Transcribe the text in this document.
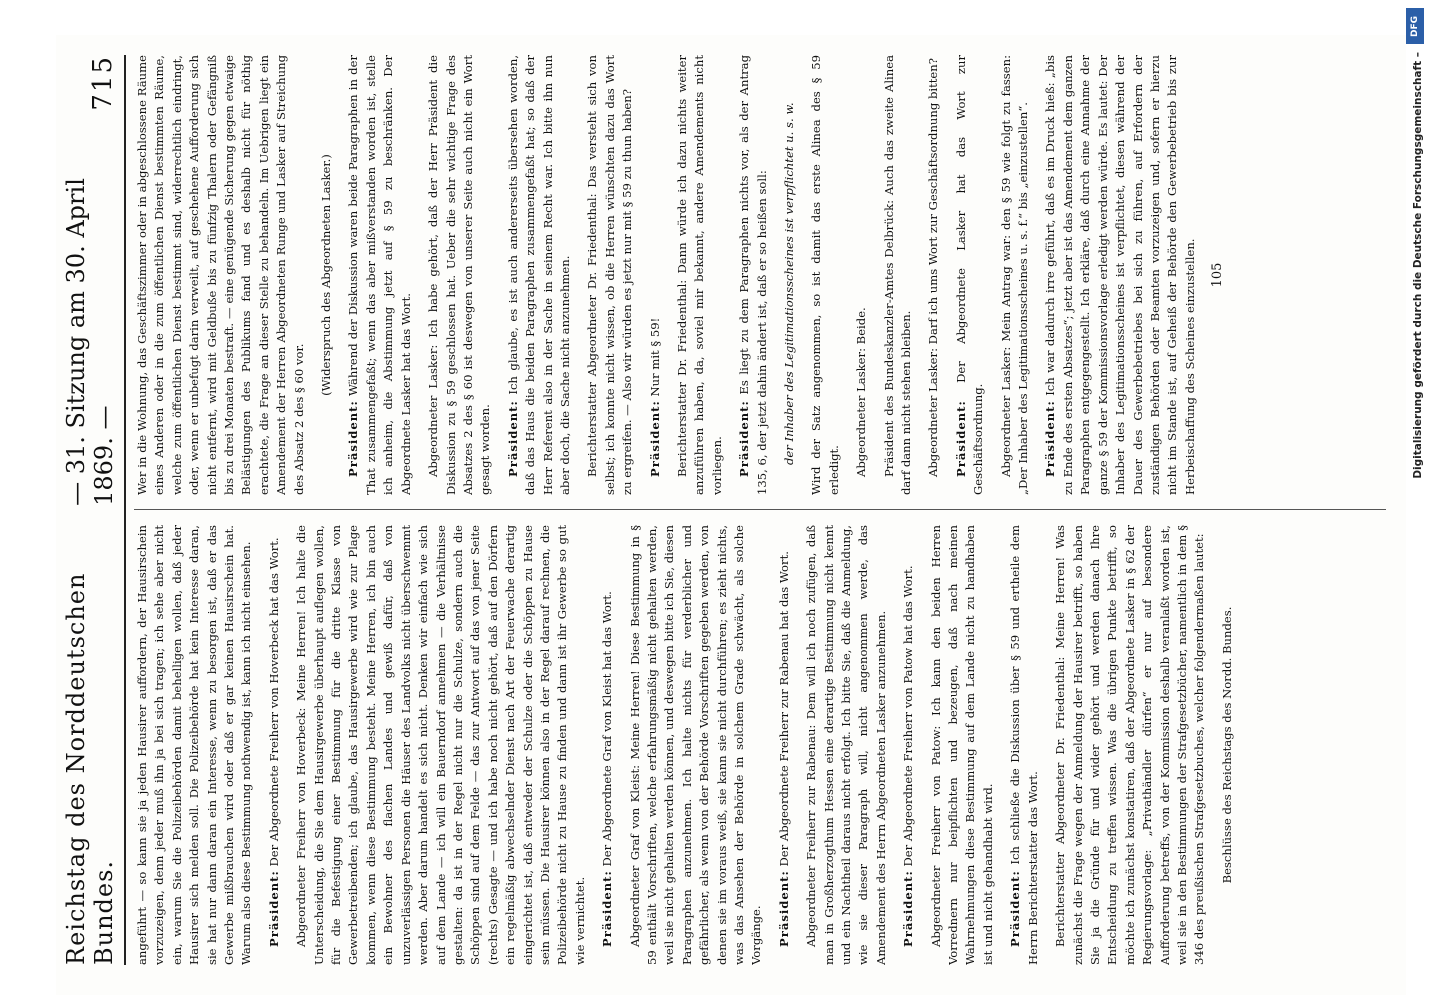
Reichstag des Norddeutschen Bundes.
— 31. Sitzung am 30. April 1869. —
715

angeführt — so kann sie ja jeden Hausirer auffordern, der Hausirschein vorzuzeigen, denn jeder muß ihn ja bei sich tragen; ich sehe aber nicht ein, warum Sie die Polizeibehörden damit behelligen wollen, daß jeder Hausirer sich melden soll. Die Polizeibehörde hat kein Interesse daran, sie hat nur dann daran ein Interesse, wenn zu besorgen ist, daß er das Gewerbe mißbrauchen wird oder daß er gar keinen Hausirschein hat. Warum also diese Bestimmung nothwendig ist, kann ich nicht einsehen. Präsident: Der Abgeordnete Freiherr von Hoverbeck hat das Wort. Abgeordneter Freiherr von Hoverbeck: Meine Herren! Ich halte die Unterscheidung, die Sie dem Hausirgewerbe überhaupt auflegen wollen, für die Befestigung einer Bestimmung für die dritte Klasse von Gewerbetreibenden; ich glaube, das Hausirgewerbe wird wie zur Plage kommen, wenn diese Bestimmung besteht. Meine Herren, ich bin auch ein Bewohner des flachen Landes und gewiß dafür, daß von unzuverlässigen Personen die Häuser des Landvolks nicht überschwemmt werden. Aber darum handelt es sich nicht. Denken wir einfach wie sich auf dem Lande — ich will ein Bauerndorf annehmen — die Verhältnisse gestalten: da ist in der Regel nicht nur die Schulze, sondern auch die Schöppen sind auf dem Felde — das zur Antwort auf das von jener Seite (rechts) Gesagte — und ich habe noch nicht gehört, daß auf den Dörfern ein regelmäßig abwechselnder Dienst nach Art der Feuerwache derartig eingerichtet ist, daß entweder der Schulze oder die Schöppen zu Hause sein müssen. Die Hausirer können also in der Regel darauf rechnen, die Polizeibehörde nicht zu Hause zu finden und dann ist ihr Gewerbe so gut wie vernichtet. Präsident: Der Abgeordnete Graf von Kleist hat das Wort. Abgeordneter Graf von Kleist: Meine Herren! Diese Bestimmung in § 59 enthält Vorschriften, welche erfahrungsmäßig nicht gehalten werden, weil sie nicht gehalten werden können, und deswegen bitte ich Sie, diesen Paragraphen anzunehmen. Ich halte nichts für verderblicher und gefährlicher, als wenn von der Behörde Vorschriften gegeben werden, von denen sie im voraus weiß, sie kann sie nicht durchführen; es zieht nichts, was das Ansehen der Behörde in solchem Grade schwächt, als solche Vorgänge. Präsident: Der Abgeordnete Freiherr zur Rabenau hat das Wort. Abgeordneter Freiherr zur Rabenau: Dem will ich noch zufügen, daß man in Großherzogthum Hessen eine derartige Bestimmung nicht kennt und ein Nachtheil daraus nicht erfolgt. Ich bitte Sie, daß die Anmeldung, wie sie dieser Paragraph will, nicht angenommen werde, das Amendement des Herrn Abgeordneten Lasker anzunehmen. Präsident: Der Abgeordnete Freiherr von Patow hat das Wort. Abgeordneter Freiherr von Patow: Ich kann den beiden Herren Vorrednern nur beipflichten und bezeugen, daß nach meinen Wahrnehmungen diese Bestimmung auf dem Lande nicht zu handhaben ist und nicht gehandhabt wird. Präsident: Ich schließe die Diskussion über § 59 und ertheile dem Herrn Berichterstatter das Wort. Berichterstatter Abgeordneter Dr. Friedenthal: Meine Herren! Was zunächst die Frage wegen der Anmeldung der Hausirer betrifft, so haben Sie ja die Gründe für und wider gehört und werden danach Ihre Entscheidung zu treffen wissen. Was die übrigen Punkte betrifft, so möchte ich zunächst konstatiren, daß der Abgeordnete Lasker in § 62 der Regierungsvorlage: „Privathändler dürfen“ er nur auf besondere Aufforderung betreffs, von der Kommission deshalb veranlaßt worden ist, weil sie in den Bestimmungen der Strafgesetzbücher, namentlich in dem § 346 des preußischen Strafgesetzbuches, welcher folgendermaßen lautet: Beschlüsse des Reichstags des Nordd. Bundes.

Wer in die Wohnung, das Geschäftszimmer oder in abgeschlossene Räume eines Anderen oder in die zum öffentlichen Dienst bestimmten Räume, welche zum öffentlichen Dienst bestimmt sind, widerrechtlich eindringt, oder, wenn er unbefugt darin verweilt, auf geschehene Aufforderung sich nicht entfernt, wird mit Geldbuße bis zu fünfzig Thalern oder Gefängniß bis zu drei Monaten bestraft. — eine genügende Sicherung gegen etwaige Belästigungen des Publikums fand und es deshalb nicht für nöthig erachtete, die Frage an dieser Stelle zu behandeln. Im Uebrigen liegt ein Amendement der Herren Abgeordneten Runge und Lasker auf Streichung des Absatz 2 des § 60 vor.

(Widerspruch des Abgeordneten Lasker.)

Präsident: Während der Diskussion waren beide Paragraphen in der That zusammengefaßt; wenn das aber mißverstanden worden ist, stelle ich anheim, die Abstimmung jetzt auf § 59 zu beschränken. Der Abgeordnete Lasker hat das Wort. Abgeordneter Lasker: Ich habe gehört, daß der Herr Präsident die Diskussion zu § 59 geschlossen hat. Ueber die sehr wichtige Frage des Absatzes 2 des § 60 ist deswegen von unserer Seite auch nicht ein Wort gesagt worden. Präsident: Ich glaube, es ist auch andererseits übersehen worden, daß das Haus die beiden Paragraphen zusammengefaßt hat; so daß der Herr Referent also in der Sache in seinem Recht war. Ich bitte ihn nun aber doch, die Sache nicht anzunehmen. Berichterstatter Abgeordneter Dr. Friedenthal: Das versteht sich von selbst; ich konnte nicht wissen, ob die Herren wünschten dazu das Wort zu ergreifen. — Also wir würden es jetzt nur mit § 59 zu thun haben? Präsident: Nur mit § 59! Berichterstatter Dr. Friedenthal: Dann würde ich dazu nichts weiter anzuführen haben, da, soviel mir bekannt, andere Amendements nicht vorliegen. Präsident: Es liegt zu dem Paragraphen nichts vor, als der Antrag 135, 6, der jetzt dahin ändert ist, daß er so heißen soll: der Inhaber des Legitimationsscheines ist verpflichtet u. s. w. Wird der Satz angenommen, so ist damit das erste Alinea des § 59 erledigt. Abgeordneter Lasker: Beide. Präsident des Bundeskanzler-Amtes Delbrück: Auch das zweite Alinea darf dann nicht stehen bleiben. Abgeordneter Lasker: Darf ich ums Wort zur Geschäftsordnung bitten? Präsident: Der Abgeordnete Lasker hat das Wort zur Geschäftsordnung. Abgeordneter Lasker: Mein Antrag war: den § 59 wie folgt zu fassen: „Der Inhaber des Legitimationsscheines u. s. f.“ bis „einzustellen“. Präsident: Ich war dadurch irre geführt, daß es im Druck hieß: „bis zu Ende des ersten Absatzes“; jetzt aber ist das Amendement dem ganzen Paragraphen entgegengestellt. Ich erkläre, daß durch eine Annahme der ganze § 59 der Kommissionsvorlage erledigt werden würde. Es lautet: Der Inhaber des Legitimationsscheines ist verpflichtet, diesen während der Dauer des Gewerbebetriebes bei sich zu führen, auf Erfordern der zuständigen Behörden oder Beamten vorzuzeigen und, sofern er hierzu nicht im Stande ist, auf Geheiß der Behörde den Gewerbebetrieb bis zur Herbeischaffung des Scheines einzustellen. 105

DFG
Digitalisierung gefördert durch die Deutsche Forschungsgemeinschaft –
